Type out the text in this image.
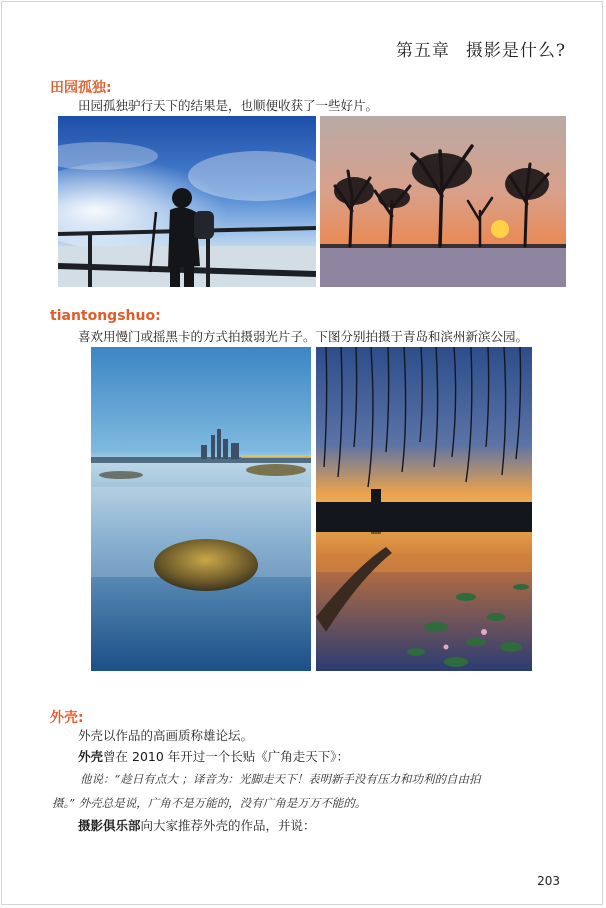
第五章 摄影是什么?
田园孤独:
田园孤独驴行天下的结果是，也顺便收获了一些好片。
tiantongshuo:
喜欢用慢门或摇黑卡的方式拍摄弱光片子。下图分别拍摄于青岛和滨州新滨公园。
外壳:
外壳以作品的高画质称雄论坛。
外壳曾在 2010 年开过一个长贴《广角走天下》：
他说：“趁日有点大 ；译音为：光脚走天下！表明新手没有压力和功利的自由拍
摄。” 外壳总是说，广角不是万能的，没有广角是万万不能的。
摄影俱乐部向大家推荐外壳的作品，并说：
203
